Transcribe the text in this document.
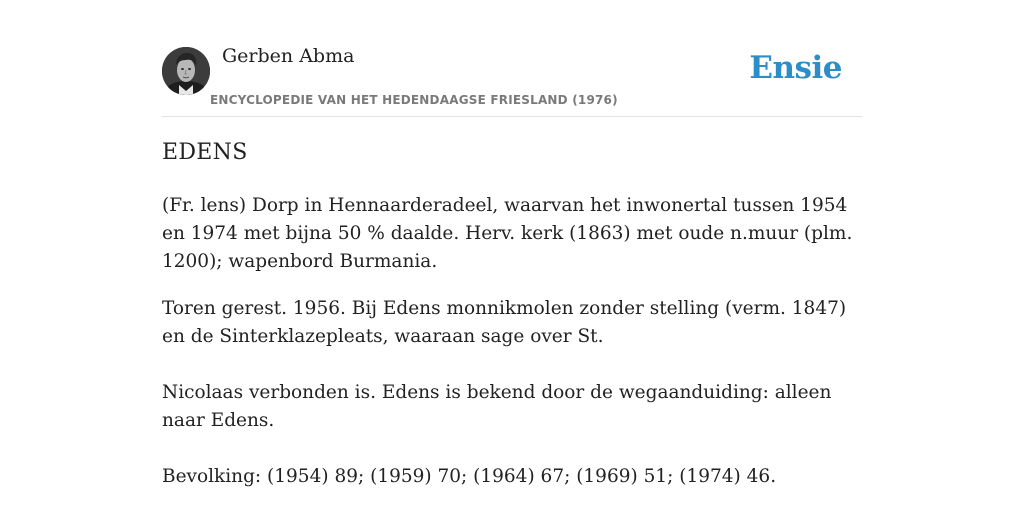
Gerben Abma
ENCYCLOPEDIE VAN HET HEDENDAAGSE FRIESLAND (1976)
Ensie
EDENS

(Fr. lens) Dorp in Hennaarderadeel, waarvan het inwonertal tussen 1954 en 1974 met bijna 50 % daalde. Herv. kerk (1863) met oude n.muur (plm. 1200); wapenbord Burmania.

Toren gerest. 1956. Bij Edens monnikmolen zonder stelling (verm. 1847) en de Sinterklazepleats, waaraan sage over St.

Nicolaas verbonden is. Edens is bekend door de wegaanduiding: alleen naar Edens.

Bevolking: (1954) 89; (1959) 70; (1964) 67; (1969) 51; (1974) 46.
